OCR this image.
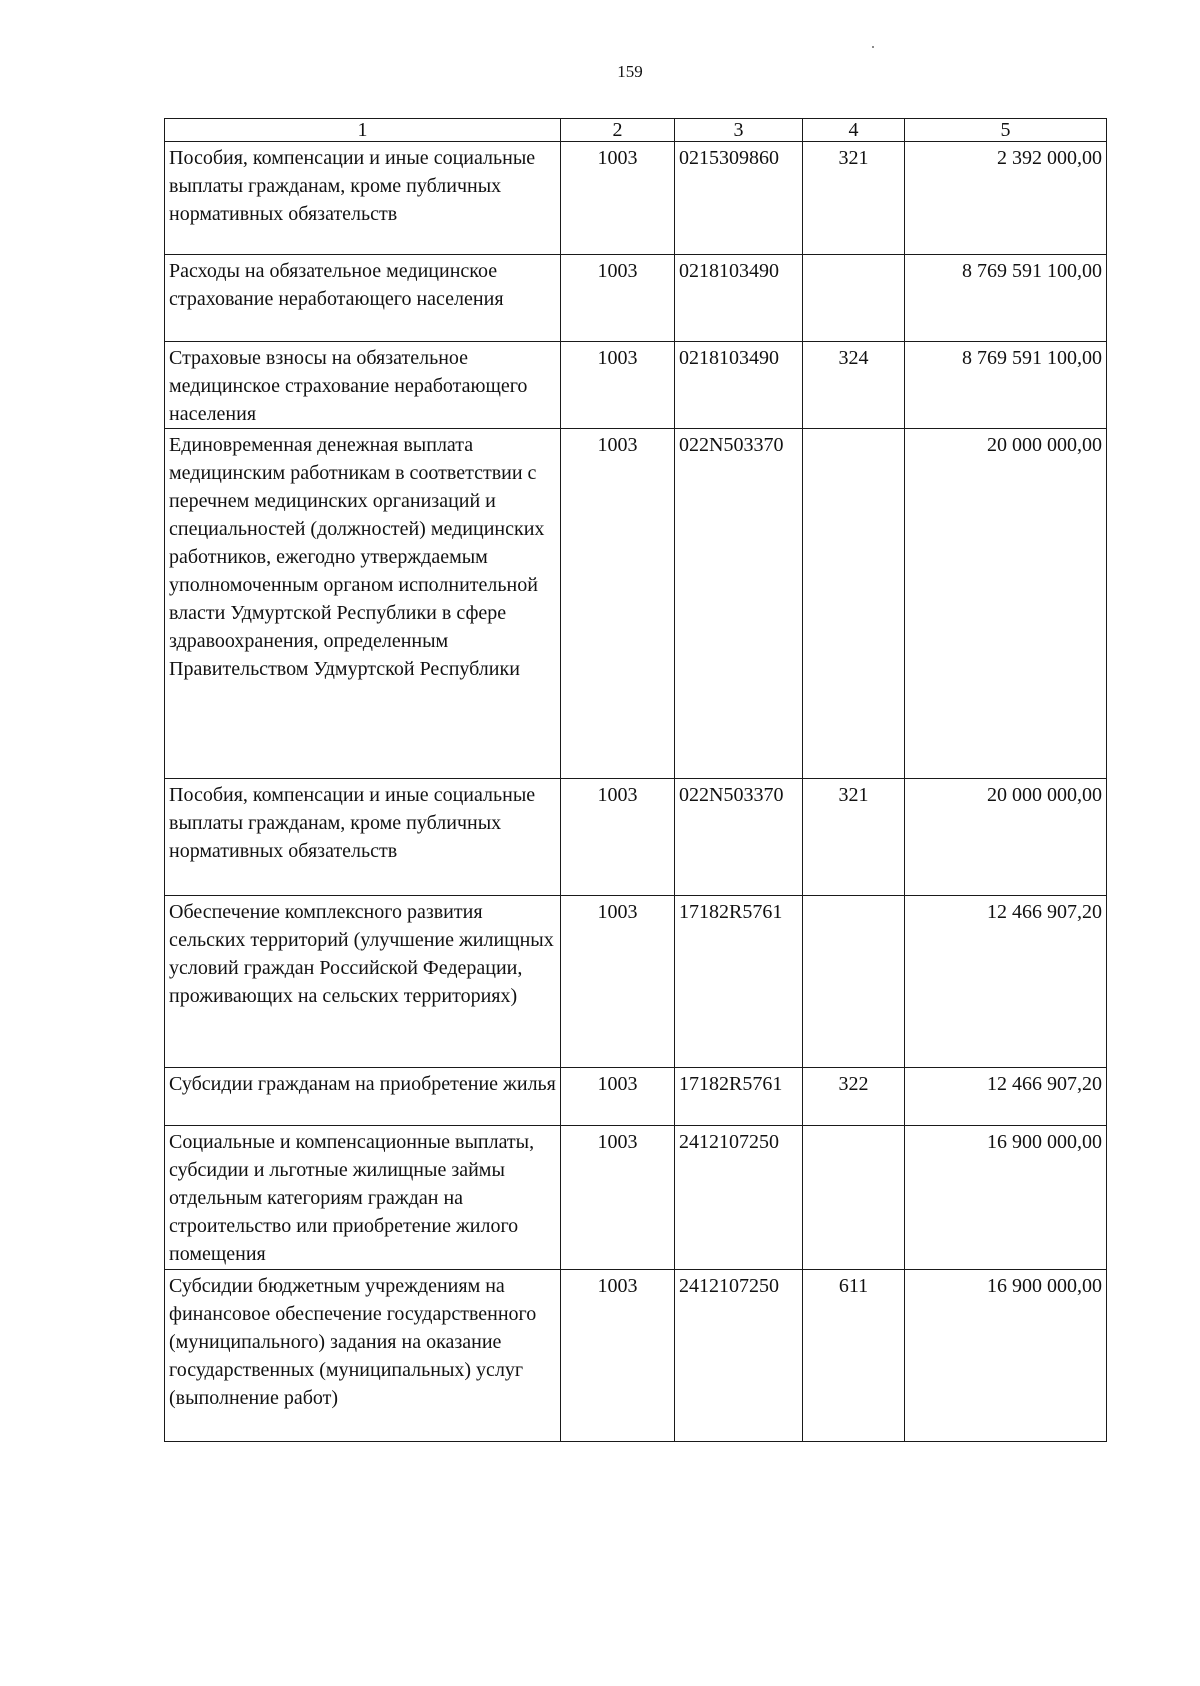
159
1	2	3	4	5
Пособия, компенсации и иные социальные выплаты гражданам, кроме публичных нормативных обязательств	1003	0215309860	321	2 392 000,00
Расходы на обязательное медицинское страхование неработающего населения	1003	0218103490		8 769 591 100,00
Страховые взносы на обязательное медицинское страхование неработающего населения	1003	0218103490	324	8 769 591 100,00
Единовременная денежная выплата медицинским работникам в соответствии с перечнем медицинских организаций и специальностей (должностей) медицинских работников, ежегодно утверждаемым уполномоченным органом исполнительной власти Удмуртской Республики в сфере здравоохранения, определенным Правительством Удмуртской Республики	1003	022N503370		20 000 000,00
Пособия, компенсации и иные социальные выплаты гражданам, кроме публичных нормативных обязательств	1003	022N503370	321	20 000 000,00
Обеспечение комплексного развития сельских территорий (улучшение жилищных условий граждан Российской Федерации, проживающих на сельских территориях)	1003	17182R5761		12 466 907,20
Субсидии гражданам на приобретение жилья	1003	17182R5761	322	12 466 907,20
Социальные и компенсационные выплаты, субсидии и льготные жилищные займы отдельным категориям граждан на строительство или приобретение жилого помещения	1003	2412107250		16 900 000,00
Субсидии бюджетным учреждениям на финансовое обеспечение государственного (муниципального) задания на оказание государственных (муниципальных) услуг (выполнение работ)	1003	2412107250	611	16 900 000,00
